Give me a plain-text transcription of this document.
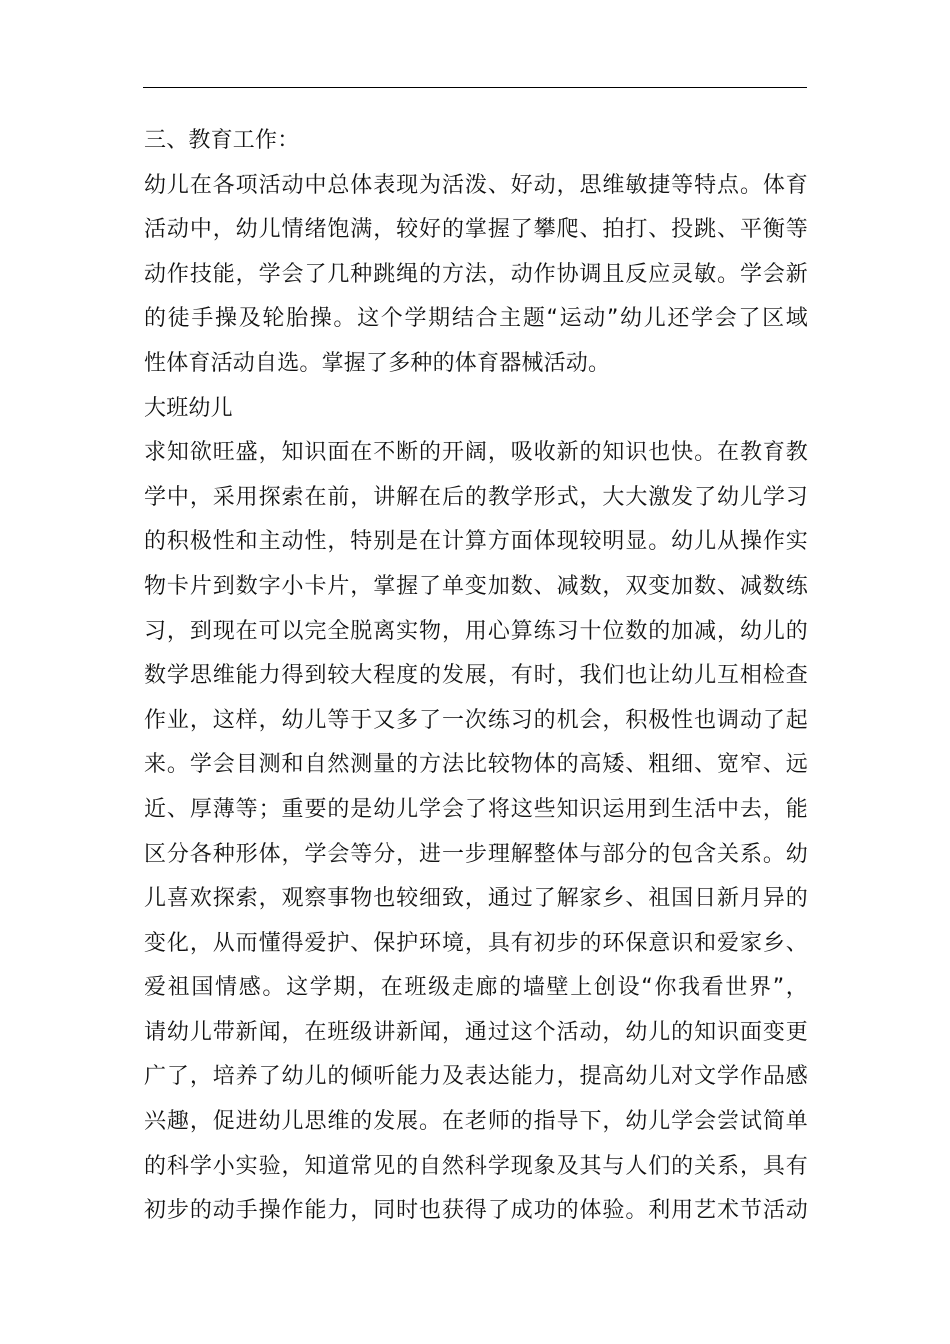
三、教育工作：
幼儿在各项活动中总体表现为活泼、好动，思维敏捷等特点。体育
活动中，幼儿情绪饱满，较好的掌握了攀爬、拍打、投跳、平衡等
动作技能，学会了几种跳绳的方法，动作协调且反应灵敏。学会新
的徒手操及轮胎操。这个学期结合主题“运动”幼儿还学会了区域
性体育活动自选。掌握了多种的体育器械活动。
大班幼儿
求知欲旺盛，知识面在不断的开阔，吸收新的知识也快。在教育教
学中，采用探索在前，讲解在后的教学形式，大大激发了幼儿学习
的积极性和主动性，特别是在计算方面体现较明显。幼儿从操作实
物卡片到数字小卡片，掌握了单变加数、减数，双变加数、减数练
习，到现在可以完全脱离实物，用心算练习十位数的加减，幼儿的
数学思维能力得到较大程度的发展，有时，我们也让幼儿互相检查
作业，这样，幼儿等于又多了一次练习的机会，积极性也调动了起
来。学会目测和自然测量的方法比较物体的高矮、粗细、宽窄、远
近、厚薄等；重要的是幼儿学会了将这些知识运用到生活中去，能
区分各种形体，学会等分，进一步理解整体与部分的包含关系。幼
儿喜欢探索，观察事物也较细致，通过了解家乡、祖国日新月异的
变化，从而懂得爱护、保护环境，具有初步的环保意识和爱家乡、
爱祖国情感。这学期，在班级走廊的墙壁上创设“你我看世界”，
请幼儿带新闻，在班级讲新闻，通过这个活动，幼儿的知识面变更
广了，培养了幼儿的倾听能力及表达能力，提高幼儿对文学作品感
兴趣，促进幼儿思维的发展。在老师的指导下，幼儿学会尝试简单
的科学小实验，知道常见的自然科学现象及其与人们的关系，具有
初步的动手操作能力，同时也获得了成功的体验。利用艺术节活动
